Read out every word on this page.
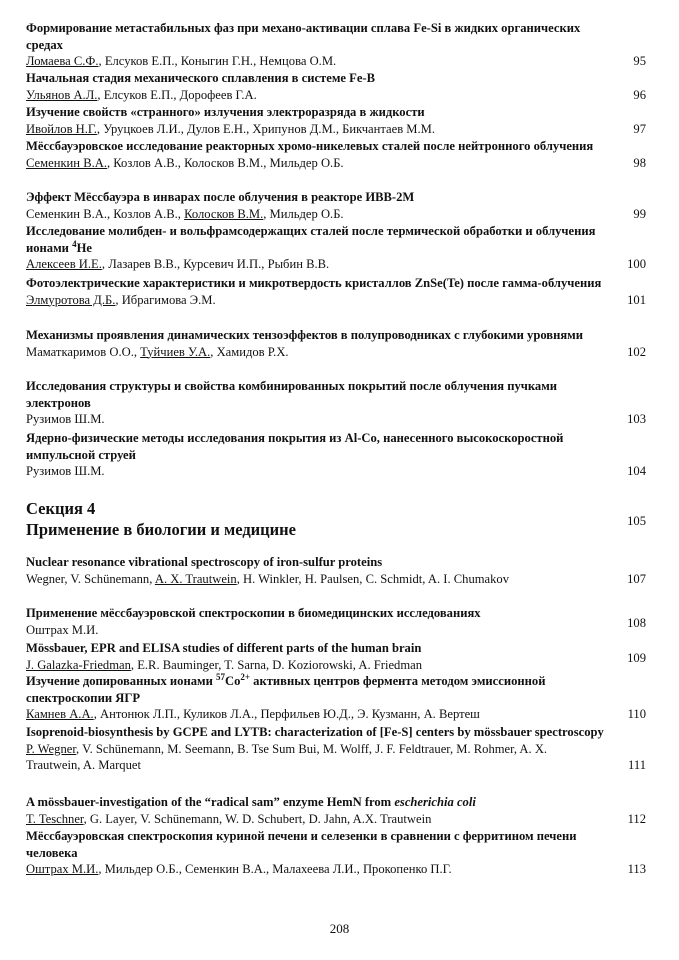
Формирование метастабильных фаз при механо-активации сплава Fe-Si в жидких органических средах
Ломаева С.Ф., Елсуков Е.П., Коныгин Г.Н., Немцова О.М.	95
Начальная стадия механического сплавления в системе Fe-B
Ульянов А.Л., Елсуков Е.П., Дорофеев Г.А.	96
Изучение свойств «странного» излучения электроразряда в жидкости
Ивойлов Н.Г., Уруцкоев Л.И., Дулов Е.Н., Хрипунов Д.М., Бикчантаев М.М.	97
Мёссбауэровское исследование реакторных хромо-никелевых сталей после нейтронного облучения
Семенкин В.А., Козлов А.В., Колосков В.М., Мильдер О.Б.	98
Эффект Мёссбауэра в инварах после облучения в реакторе ИВВ-2М
Семенкин В.А., Козлов А.В., Колосков В.М., Мильдер О.Б.	99
Исследование молибден- и вольфрамсодержащих сталей после термической обработки и облучения ионами $^4$Не
Алексеев И.Е., Лазарев В.В., Курсевич И.П., Рыбин В.В.	100
Фотоэлектрические характеристики и микротвердость кристаллов ZnSe(Te) после гамма-облучения
Элмуротова Д.Б., Ибрагимова Э.М.	101
Механизмы проявления динамических тензоэффектов в полупроводниках с глубокими уровнями
Маматкаримов О.О., Туйчиев У.А., Хамидов Р.Х.	102
Исследования структуры и свойства комбинированных покрытий после облучения пучками электронов
Рузимов Ш.М.	103
Ядерно-физические методы исследования покрытия из Al-Co, нанесенного высокоскоростной импульсной струей
Рузимов Ш.М.	104
Секция 4
Применение в биологии и медицине	105
Nuclear resonance vibrational spectroscopy of iron-sulfur proteins
Wegner, V. Schünemann, A. X. Trautwein, H. Winkler, H. Paulsen, C. Schmidt, A. I. Chumakov	107
Применение мёссбауэровской спектроскопии в биомедицинских исследованиях
Оштрах М.И.	108
Mössbauer, EPR and ELISA studies of different parts of the human brain
J. Galazka-Friedman, E.R. Bauminger, T. Sarna, D. Koziorowski, A. Friedman	109
Изучение допированных ионами $^{57}Co^{2+}$ активных центров фермента методом эмиссионной спектроскопии ЯГР
Камнев А.А., Антонюк Л.П., Куликов Л.А., Перфильев Ю.Д., Э. Кузманн, А. Вертеш	110
Isoprenoid-biosynthesis by GCPE and LYTB: characterization of [Fe-S] centers by mössbauer spectroscopy
P. Wegner, V. Schünemann, M. Seemann, B. Tse Sum Bui, M. Wolff, J. F. Feldtrauer, M. Rohmer, A. X. Trautwein, A. Marquet	111
A mössbauer-investigation of the “radical sam” enzyme HemN from escherichia coli
T. Teschner, G. Layer, V. Schünemann, W. D. Schubert, D. Jahn, A.X. Trautwein	112
Мёссбауэровская спектроскопия куриной печени и селезенки в сравнении с ферритином печени человека
Оштрах М.И., Мильдер О.Б., Семенкин В.А., Малахеева Л.И., Прокопенко П.Г.	113
208
